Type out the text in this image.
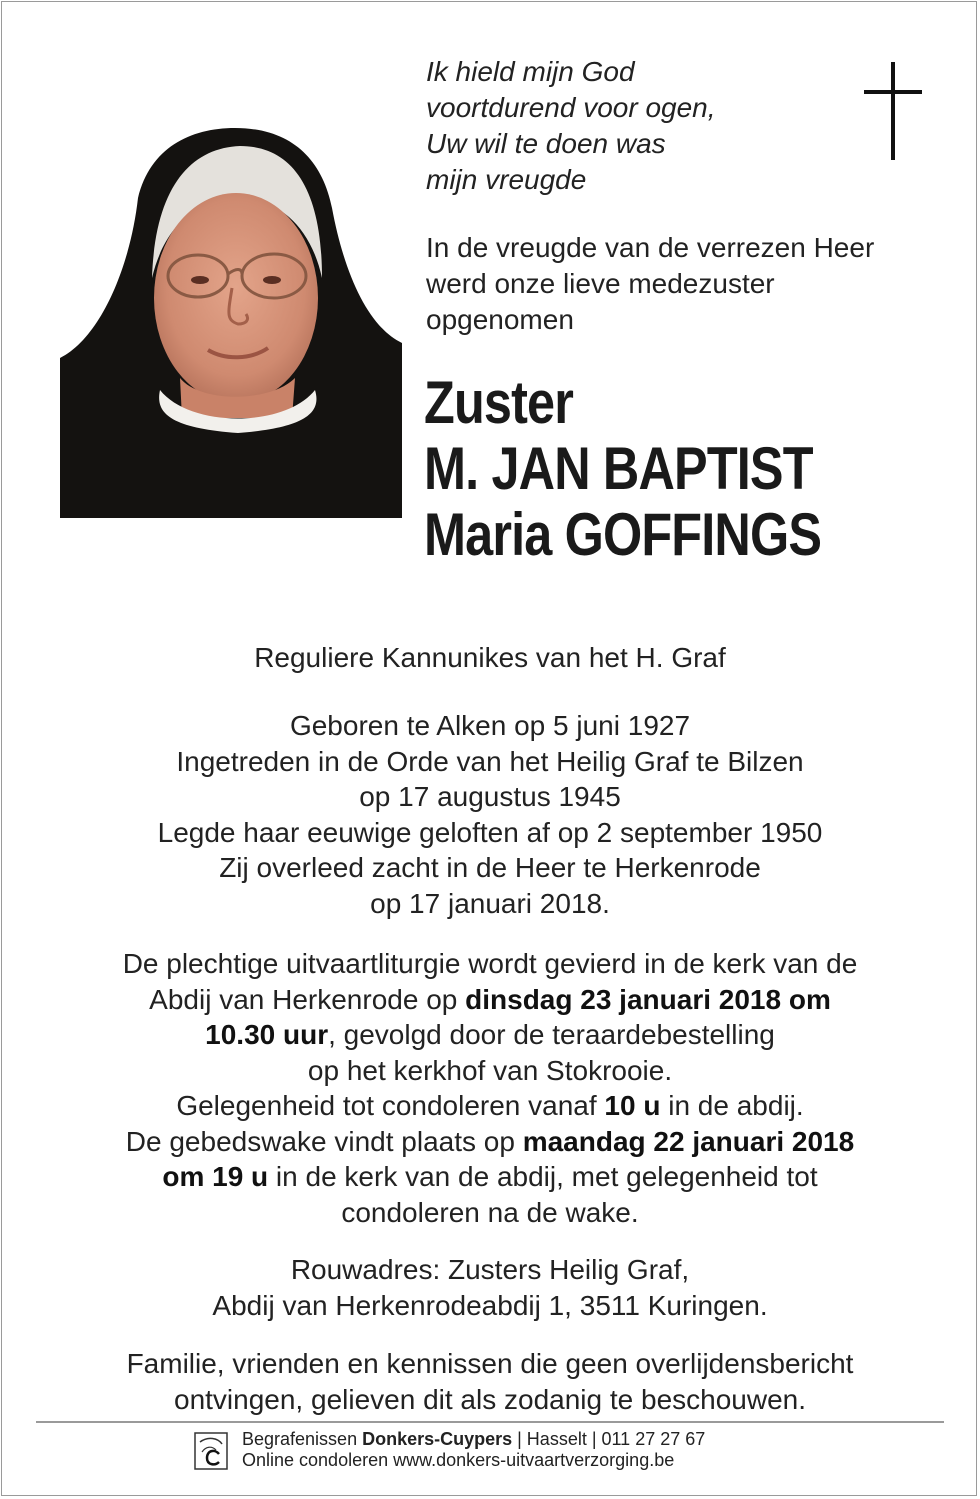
Ik hield mijn God
voortdurend voor ogen,
Uw wil te doen was
mijn vreugde
In de vreugde van de verrezen Heer
werd onze lieve medezuster
opgenomen
Zuster
M. JAN BAPTIST
Maria GOFFINGS
Reguliere Kannunikes van het H. Graf
Geboren te Alken op 5 juni 1927
Ingetreden in de Orde van het Heilig Graf te Bilzen
op 17 augustus 1945
Legde haar eeuwige geloften af op 2 september 1950
Zij overleed zacht in de Heer te Herkenrode
op 17 januari 2018.
De plechtige uitvaartliturgie wordt gevierd in de kerk van de
Abdij van Herkenrode op dinsdag 23 januari 2018 om
10.30 uur, gevolgd door de teraardebestelling
op het kerkhof van Stokrooie.
Gelegenheid tot condoleren vanaf 10 u in de abdij.
De gebedswake vindt plaats op maandag 22 januari 2018
om 19 u in de kerk van de abdij, met gelegenheid tot
condoleren na de wake.
Rouwadres: Zusters Heilig Graf,
Abdij van Herkenrodeabdij 1, 3511 Kuringen.
Familie, vrienden en kennissen die geen overlijdensbericht
ontvingen, gelieven dit als zodanig te beschouwen.
Begrafenissen Donkers-Cuypers | Hasselt | 011 27 27 67
Online condoleren www.donkers-uitvaartverzorging.be
